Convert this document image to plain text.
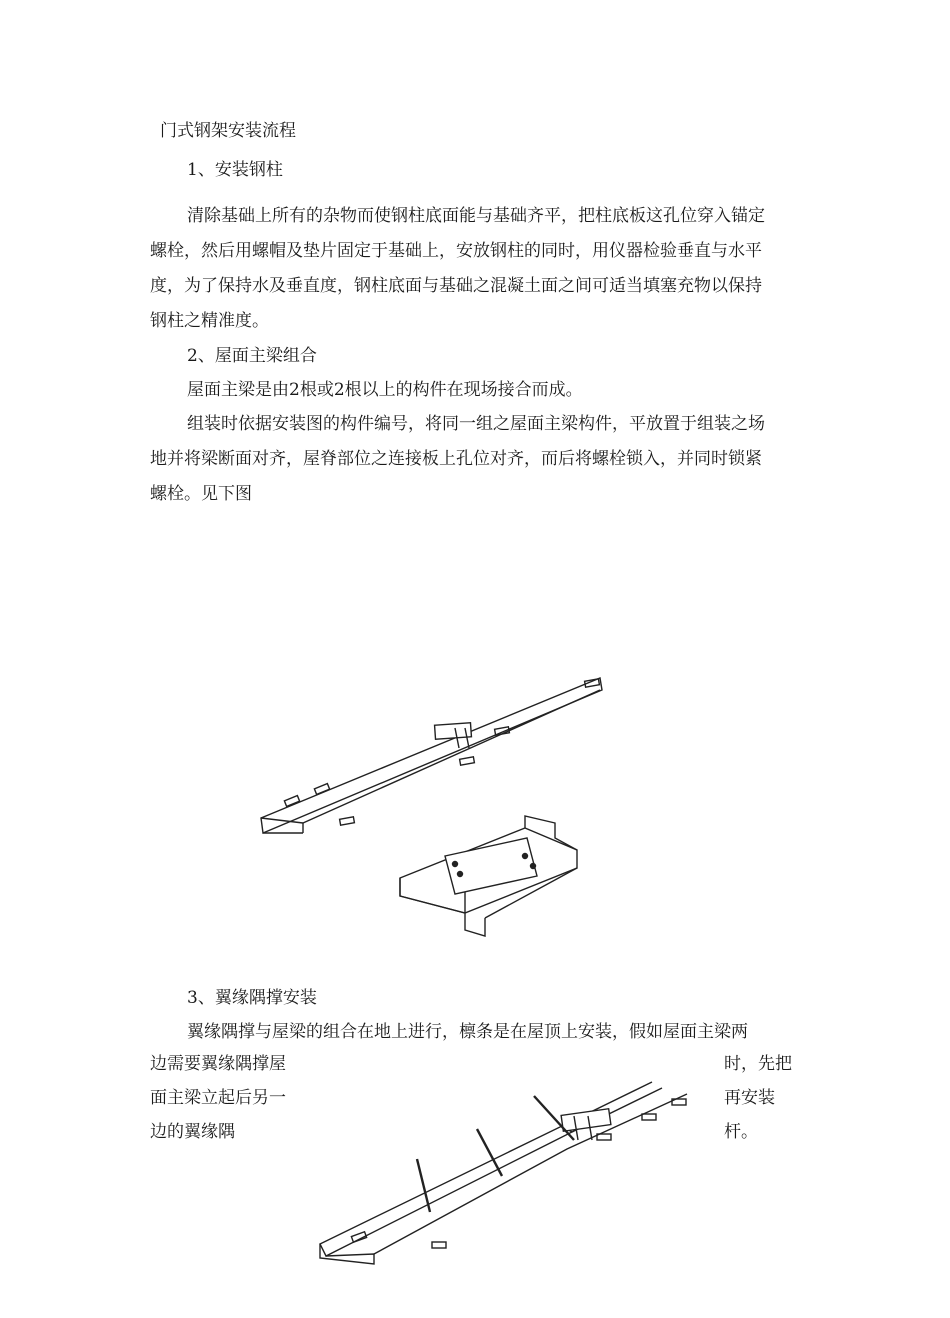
门式钢架安装流程
1、安装钢柱
清除基础上所有的杂物而使钢柱底面能与基础齐平，把柱底板这孔位穿入锚定
螺栓，然后用螺帽及垫片固定于基础上，安放钢柱的同时，用仪器检验垂直与水平
度，为了保持水及垂直度，钢柱底面与基础之混凝土面之间可适当填塞充物以保持
钢柱之精准度。
2、屋面主梁组合
屋面主梁是由2根或2根以上的构件在现场接合而成。
组装时依据安装图的构件编号，将同一组之屋面主梁构件，平放置于组装之场
地并将梁断面对齐，屋脊部位之连接板上孔位对齐，而后将螺栓锁入，并同时锁紧
螺栓。见下图
3、翼缘隅撑安装
翼缘隅撑与屋梁的组合在地上进行，檩条是在屋顶上安装，假如屋面主梁两
边需要翼缘隅撑屋
面主梁立起后另一
边的翼缘隅
时，先把
再安装
杆。
